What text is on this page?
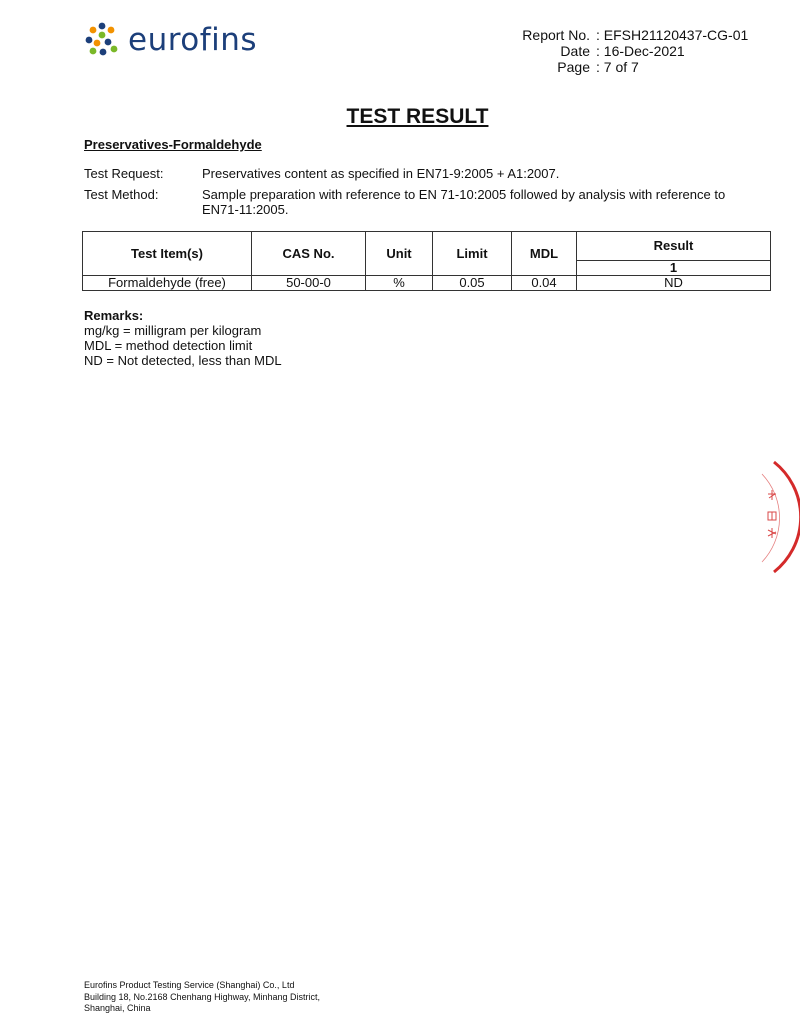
eurofins	Report No. : EFSH21120437-CG-01
Date : 16-Dec-2021
Page : 7 of 7
TEST RESULT
Preservatives-Formaldehyde
Test Request:	Preservatives content as specified in EN71-9:2005 + A1:2007.
Test Method:	Sample preparation with reference to EN 71-10:2005 followed by analysis with reference to EN71-11:2005.
Test Item(s)	CAS No.	Unit	Limit	MDL	Result
					1
Formaldehyde (free)	50-00-0	%	0.05	0.04	ND
Remarks:
mg/kg = milligram per kilogram
MDL = method detection limit
ND = Not detected, less than MDL
Eurofins Product Testing Service (Shanghai) Co., Ltd
Building 18, No.2168 Chenhang Highway, Minhang District,
Shanghai, China
